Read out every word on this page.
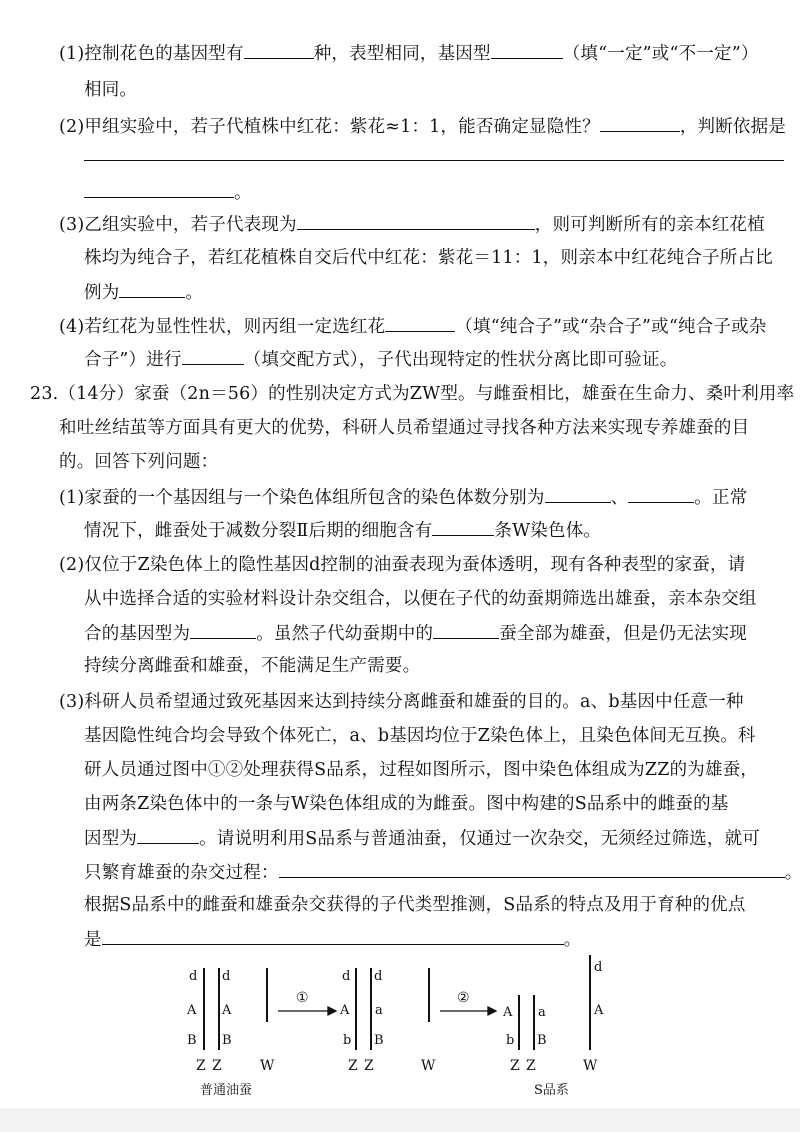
(1)控制花色的基因型有	种，表型相同，基因型	（填“一定”或“不一定”）
相同。
(2)甲组实验中，若子代植株中红花：紫花≈1：1，能否确定显隐性？	，判断依据是
。
(3)乙组实验中，若子代表现为	，则可判断所有的亲本红花植
株均为纯合子，若红花植株自交后代中红花：紫花＝11：1，则亲本中红花纯合子所占比
例为	。
(4)若红花为显性性状，则丙组一定选红花	（填“纯合子”或“杂合子”或“纯合子或杂
合子”）进行	（填交配方式），子代出现特定的性状分离比即可验证。
23.（14分）家蚕（2n＝56）的性别决定方式为ZW型。与雌蚕相比，雄蚕在生命力、桑叶利用率
和吐丝结茧等方面具有更大的优势，科研人员希望通过寻找各种方法来实现专养雄蚕的目
的。回答下列问题：
(1)家蚕的一个基因组与一个染色体组所包含的染色体数分别为	、	。正常
情况下，雌蚕处于减数分裂Ⅱ后期的细胞含有	条W染色体。
(2)仅位于Z染色体上的隐性基因d控制的油蚕表现为蚕体透明，现有各种表型的家蚕，请
从中选择合适的实验材料设计杂交组合，以便在子代的幼蚕期筛选出雄蚕，亲本杂交组
合的基因型为	。虽然子代幼蚕期中的	蚕全部为雄蚕，但是仍无法实现
持续分离雌蚕和雄蚕，不能满足生产需要。
(3)科研人员希望通过致死基因来达到持续分离雌蚕和雄蚕的目的。a、b基因中任意一种
基因隐性纯合均会导致个体死亡，a、b基因均位于Z染色体上，且染色体间无互换。科
研人员通过图中①②处理获得S品系，过程如图所示，图中染色体组成为ZZ的为雄蚕，
由两条Z染色体中的一条与W染色体组成的为雌蚕。图中构建的S品系中的雌蚕的基
因型为	。请说明利用S品系与普通油蚕，仅通过一次杂交，无须经过筛选，就可
只繁育雄蚕的杂交过程：	。
根据S品系中的雌蚕和雄蚕杂交获得的子代类型推测，S品系的特点及用于育种的优点
是	。
d d
A A
B B
d d
A a
b B
A a
b B
d
A
①	②
Z Z	W	Z Z	W	Z Z	W
普通油蚕	S品系
